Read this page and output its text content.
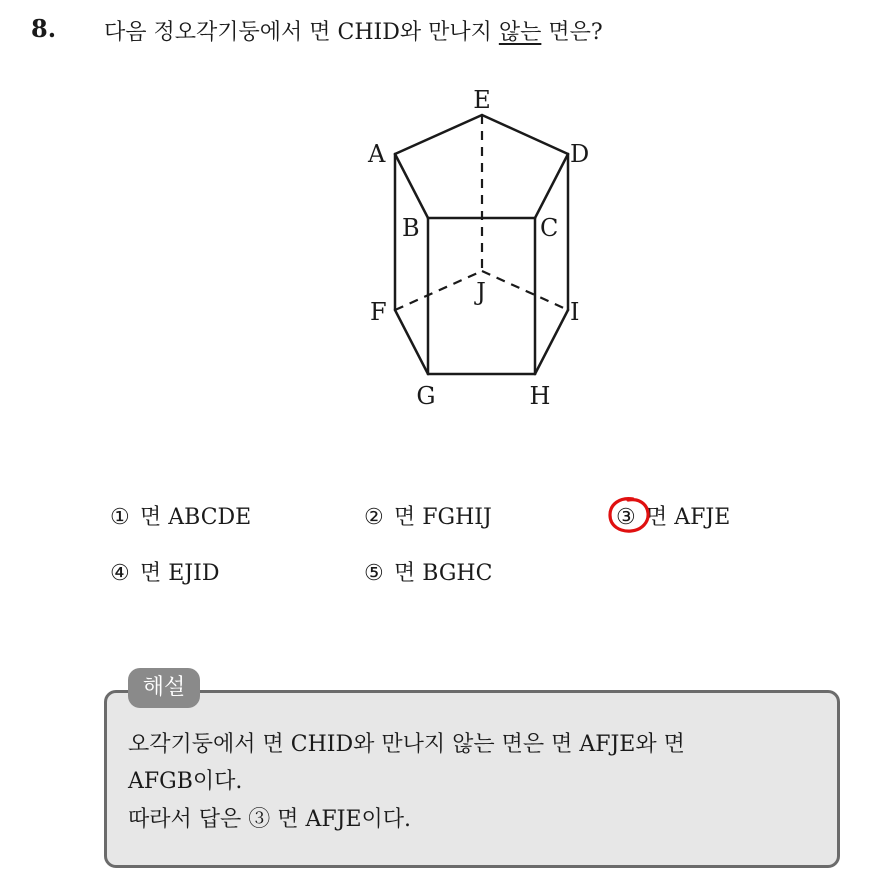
8. 다음 정오각기둥에서 면 CHID와 만나지 않는 면은?
E
A	D
B	C
J
F	I
G	H
① 면 ABCDE	② 면 FGHIJ	③ 면 AFJE
④ 면 EJID	⑤ 면 BGHC
해설
오각기둥에서 면 CHID와 만나지 않는 면은 면 AFJE와 면
AFGB이다.
따라서 답은 ③ 면 AFJE이다.
